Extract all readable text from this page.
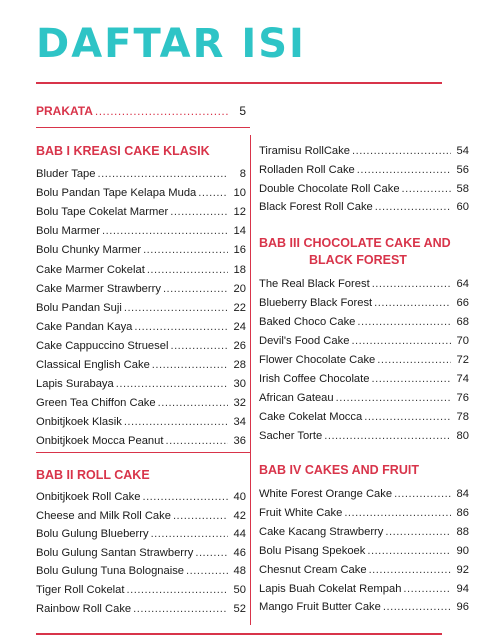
DAFTAR ISI
PRAKATA .....	5
BAB I KREASI CAKE KLASIK
Bluder Tape .....	8
Bolu Pandan Tape Kelapa Muda .....	10
Bolu Tape Cokelat Marmer .....	12
Bolu Marmer .....	14
Bolu Chunky Marmer .....	16
Cake Marmer Cokelat .....	18
Cake Marmer Strawberry .....	20
Bolu Pandan Suji .....	22
Cake Pandan Kaya .....	24
Cake Cappuccino Struesel .....	26
Classical English Cake .....	28
Lapis Surabaya .....	30
Green Tea Chiffon Cake .....	32
Onbitjkoek Klasik .....	34
Onbitjkoek Mocca Peanut .....	36
BAB II ROLL CAKE
Onbitjkoek Roll Cake .....	40
Cheese and Milk Roll Cake .....	42
Bolu Gulung Blueberry .....	44
Bolu Gulung Santan Strawberry .....	46
Bolu Gulung Tuna Bolognaise .....	48
Tiger Roll Cokelat .....	50
Rainbow Roll Cake .....	52
Tiramisu RollCake .....	54
Rolladen Roll Cake .....	56
Double Chocolate Roll Cake .....	58
Black Forest Roll Cake .....	60
BAB III CHOCOLATE CAKE AND
BLACK FOREST
The Real Black Forest .....	64
Blueberry Black Forest .....	66
Baked Choco Cake .....	68
Devil's Food Cake .....	70
Flower Chocolate Cake .....	72
Irish Coffee Chocolate .....	74
African Gateau .....	76
Cake Cokelat Mocca .....	78
Sacher Torte .....	80
BAB IV CAKES AND FRUIT
White Forest Orange Cake .....	84
Fruit White Cake .....	86
Cake Kacang Strawberry .....	88
Bolu Pisang Spekoek .....	90
Chesnut Cream Cake .....	92
Lapis Buah Cokelat Rempah .....	94
Mango Fruit Butter Cake .....	96
